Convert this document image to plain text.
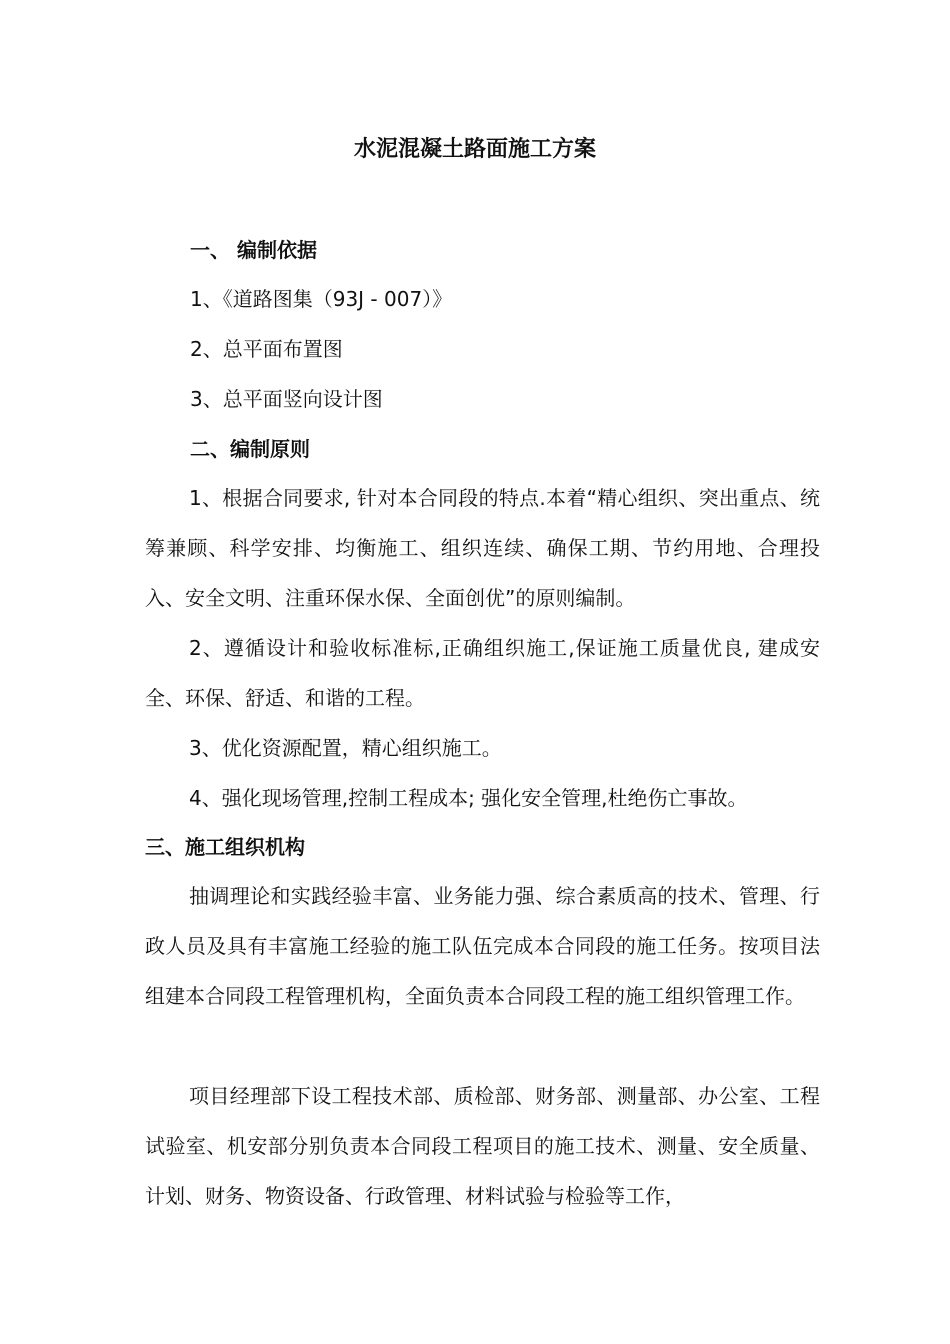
水泥混凝土路面施工方案
一、 编制依据
1、《道路图集（93J - 007）》
2、总平面布置图
3、总平面竖向设计图
二、编制原则
1、根据合同要求, 针对本合同段的特点.本着“精心组织、突出重点、统筹兼顾、科学安排、均衡施工、组织连续、确保工期、节约用地、合理投入、安全文明、注重环保水保、全面创优”的原则编制。
2、遵循设计和验收标准标,正确组织施工,保证施工质量优良, 建成安全、环保、舒适、和谐的工程。
3、优化资源配置，精心组织施工。
4、强化现场管理,控制工程成本; 强化安全管理,杜绝伤亡事故。
三、施工组织机构
抽调理论和实践经验丰富、业务能力强、综合素质高的技术、管理、行政人员及具有丰富施工经验的施工队伍完成本合同段的施工任务。按项目法组建本合同段工程管理机构，全面负责本合同段工程的施工组织管理工作。
项目经理部下设工程技术部、质检部、财务部、测量部、办公室、工程试验室、机安部分别负责本合同段工程项目的施工技术、测量、安全质量、计划、财务、物资设备、行政管理、材料试验与检验等工作，
